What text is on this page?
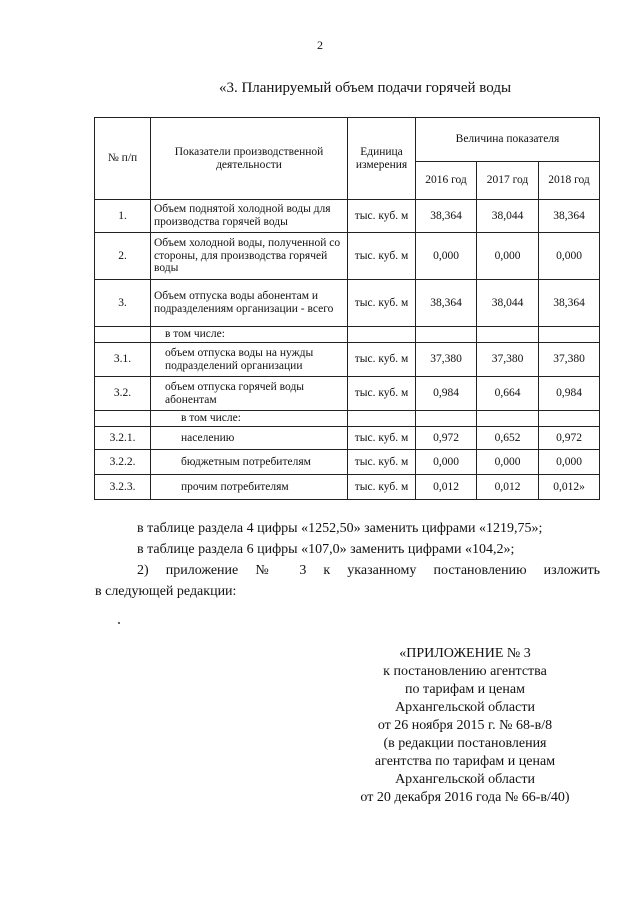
2
«3. Планируемый объем подачи горячей воды
№ п/п	Показатели производственной деятельности	Единица измерения	Величина показателя		
			2016 год	2017 год	2018 год
1.	Объем поднятой холодной воды для производства горячей воды	тыс. куб. м	38,364	38,044	38,364
2.	Объем холодной воды, полученной со стороны, для производства горячей воды	тыс. куб. м	0,000	0,000	0,000
3.	Объем отпуска воды абонентам и подразделениям организации - всего	тыс. куб. м	38,364	38,044	38,364
	в том числе:				
3.1.	объем отпуска воды на нужды подразделений организации	тыс. куб. м	37,380	37,380	37,380
3.2.	объем отпуска горячей воды абонентам	тыс. куб. м	0,984	0,664	0,984
	в том числе:				
3.2.1.	населению	тыс. куб. м	0,972	0,652	0,972
3.2.2.	бюджетным потребителям	тыс. куб. м	0,000	0,000	0,000
3.2.3.	прочим потребителям	тыс. куб. м	0,012	0,012	0,012»

в таблице раздела 4 цифры «1252,50» заменить цифрами «1219,75»;

в таблице раздела 6 цифры «107,0» заменить цифрами «104,2»;

2) приложение № 3 к указанному постановлению изложить

в следующей редакции:

«ПРИЛОЖЕНИЕ № 3
к постановлению агентства
по тарифам и ценам
Архангельской области
от 26 ноября 2015 г. № 68-в/8
(в редакции постановления
агентства по тарифам и ценам
Архангельской области
от 20 декабря 2016 года № 66-в/40)
